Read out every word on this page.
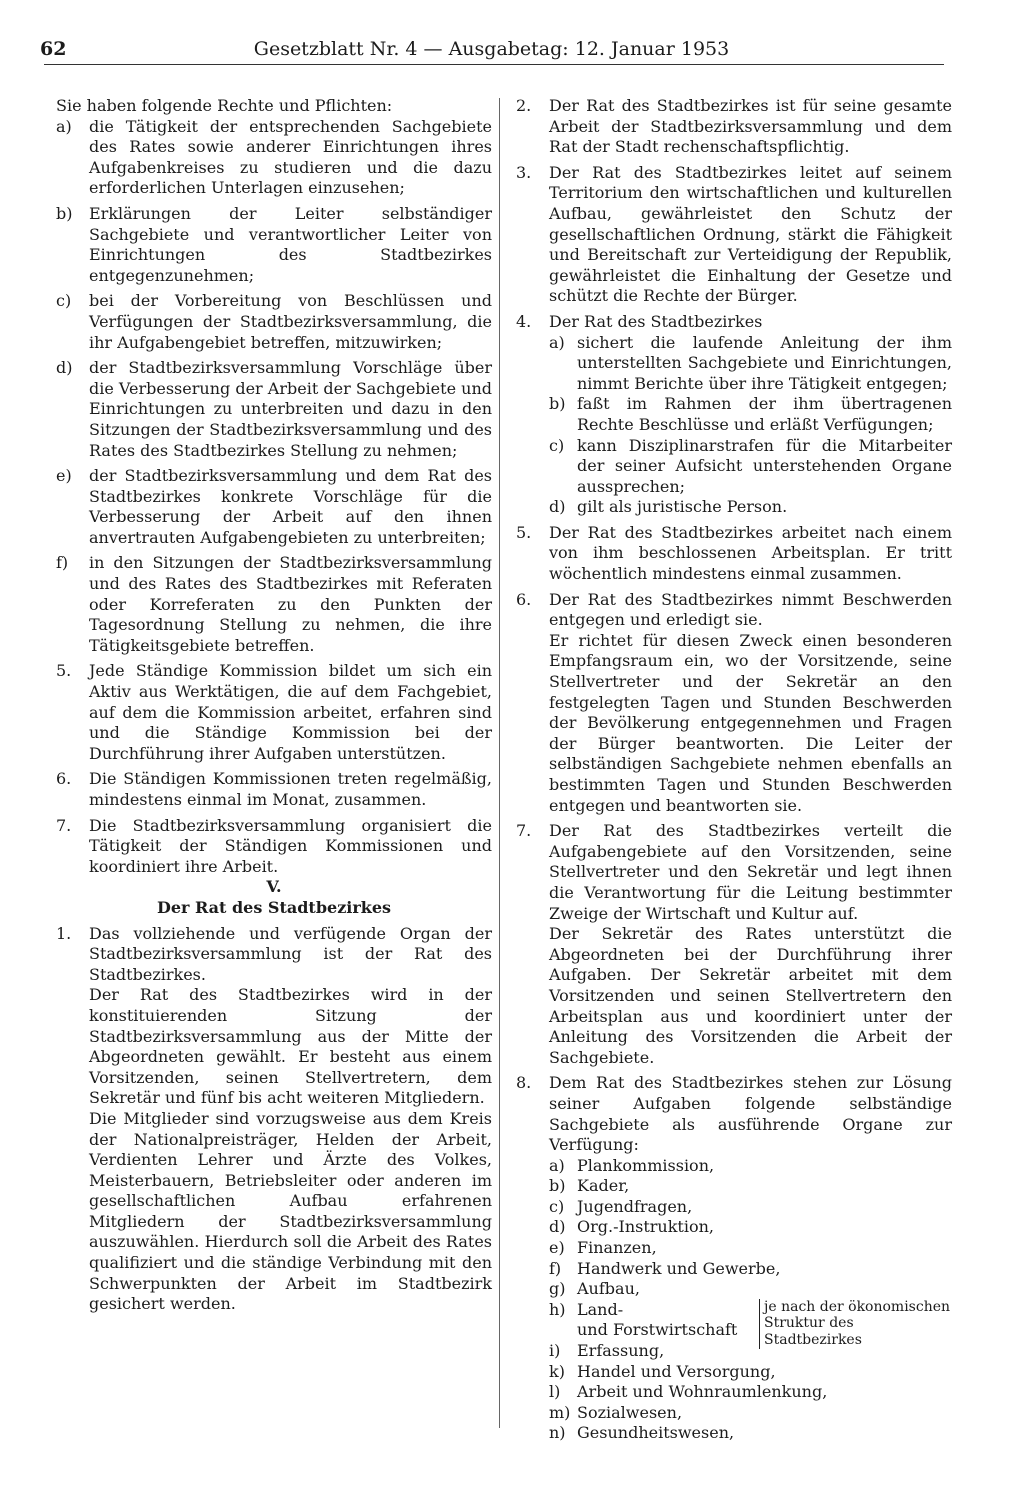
62	Gesetzblatt Nr. 4 — Ausgabetag: 12. Januar 1953

Sie haben folgende Rechte und Pflichten:

a) die Tätigkeit der entsprechenden Sachgebiete des Rates sowie anderer Einrichtungen ihres Aufgabenkreises zu studieren und die dazu erforderlichen Unterlagen einzusehen;

b) Erklärungen der Leiter selbständiger Sachgebiete und verantwortlicher Leiter von Einrichtungen des Stadtbezirkes entgegenzunehmen;

c) bei der Vorbereitung von Beschlüssen und Verfügungen der Stadtbezirksversammlung, die ihr Aufgabengebiet betreffen, mitzuwirken;

d) der Stadtbezirksversammlung Vorschläge über die Verbesserung der Arbeit der Sachgebiete und Einrichtungen zu unterbreiten und dazu in den Sitzungen der Stadtbezirksversammlung und des Rates des Stadtbezirkes Stellung zu nehmen;

e) der Stadtbezirksversammlung und dem Rat des Stadtbezirkes konkrete Vorschläge für die Verbesserung der Arbeit auf den ihnen anvertrauten Aufgabengebieten zu unterbreiten;

f) in den Sitzungen der Stadtbezirksversammlung und des Rates des Stadtbezirkes mit Referaten oder Korreferaten zu den Punkten der Tagesordnung Stellung zu nehmen, die ihre Tätigkeitsgebiete betreffen.

5. Jede Ständige Kommission bildet um sich ein Aktiv aus Werktätigen, die auf dem Fachgebiet, auf dem die Kommission arbeitet, erfahren sind und die Ständige Kommission bei der Durchführung ihrer Aufgaben unterstützen.

6. Die Ständigen Kommissionen treten regelmäßig, mindestens einmal im Monat, zusammen.

7. Die Stadtbezirksversammlung organisiert die Tätigkeit der Ständigen Kommissionen und koordiniert ihre Arbeit.

V.

Der Rat des Stadtbezirkes

1. Das vollziehende und verfügende Organ der Stadtbezirksversammlung ist der Rat des Stadtbezirkes.

Der Rat des Stadtbezirkes wird in der konstituierenden Sitzung der Stadtbezirksversammlung aus der Mitte der Abgeordneten gewählt. Er besteht aus einem Vorsitzenden, seinen Stellvertretern, dem Sekretär und fünf bis acht weiteren Mitgliedern.

Die Mitglieder sind vorzugsweise aus dem Kreis der Nationalpreisträger, Helden der Arbeit, Verdienten Lehrer und Ärzte des Volkes, Meisterbauern, Betriebsleiter oder anderen im gesellschaftlichen Aufbau erfahrenen Mitgliedern der Stadtbezirksversammlung auszuwählen. Hierdurch soll die Arbeit des Rates qualifiziert und die ständige Verbindung mit den Schwerpunkten der Arbeit im Stadtbezirk gesichert werden.

2. Der Rat des Stadtbezirkes ist für seine gesamte Arbeit der Stadtbezirksversammlung und dem Rat der Stadt rechenschaftspflichtig.

3. Der Rat des Stadtbezirkes leitet auf seinem Territorium den wirtschaftlichen und kulturellen Aufbau, gewährleistet den Schutz der gesellschaftlichen Ordnung, stärkt die Fähigkeit und Bereitschaft zur Verteidigung der Republik, gewährleistet die Einhaltung der Gesetze und schützt die Rechte der Bürger.

4. Der Rat des Stadtbezirkes

a) sichert die laufende Anleitung der ihm unterstellten Sachgebiete und Einrichtungen, nimmt Berichte über ihre Tätigkeit entgegen;

b) faßt im Rahmen der ihm übertragenen Rechte Beschlüsse und erläßt Verfügungen;

c) kann Disziplinarstrafen für die Mitarbeiter der seiner Aufsicht unterstehenden Organe aussprechen;

d) gilt als juristische Person.

5. Der Rat des Stadtbezirkes arbeitet nach einem von ihm beschlossenen Arbeitsplan. Er tritt wöchentlich mindestens einmal zusammen.

6. Der Rat des Stadtbezirkes nimmt Beschwerden entgegen und erledigt sie.

Er richtet für diesen Zweck einen besonderen Empfangsraum ein, wo der Vorsitzende, seine Stellvertreter und der Sekretär an den festgelegten Tagen und Stunden Beschwerden der Bevölkerung entgegennehmen und Fragen der Bürger beantworten. Die Leiter der selbständigen Sachgebiete nehmen ebenfalls an bestimmten Tagen und Stunden Beschwerden entgegen und beantworten sie.

7. Der Rat des Stadtbezirkes verteilt die Aufgabengebiete auf den Vorsitzenden, seine Stellvertreter und den Sekretär und legt ihnen die Verantwortung für die Leitung bestimmter Zweige der Wirtschaft und Kultur auf.

Der Sekretär des Rates unterstützt die Abgeordneten bei der Durchführung ihrer Aufgaben. Der Sekretär arbeitet mit dem Vorsitzenden und seinen Stellvertretern den Arbeitsplan aus und koordiniert unter der Anleitung des Vorsitzenden die Arbeit der Sachgebiete.

8. Dem Rat des Stadtbezirkes stehen zur Lösung seiner Aufgaben folgende selbständige Sachgebiete als ausführende Organe zur Verfügung:

a) Plankommission,
b) Kader,
c) Jugendfragen,
d) Org.-Instruktion,
e) Finanzen,
f) Handwerk und Gewerbe,
g) Aufbau,
h) Land-
und Forstwirtschaft
i) Erfassung,
je nach der ökonomischen Struktur des Stadtbezirkes
k) Handel und Versorgung,
l) Arbeit und Wohnraumlenkung,
m) Sozialwesen,
n) Gesundheitswesen,
